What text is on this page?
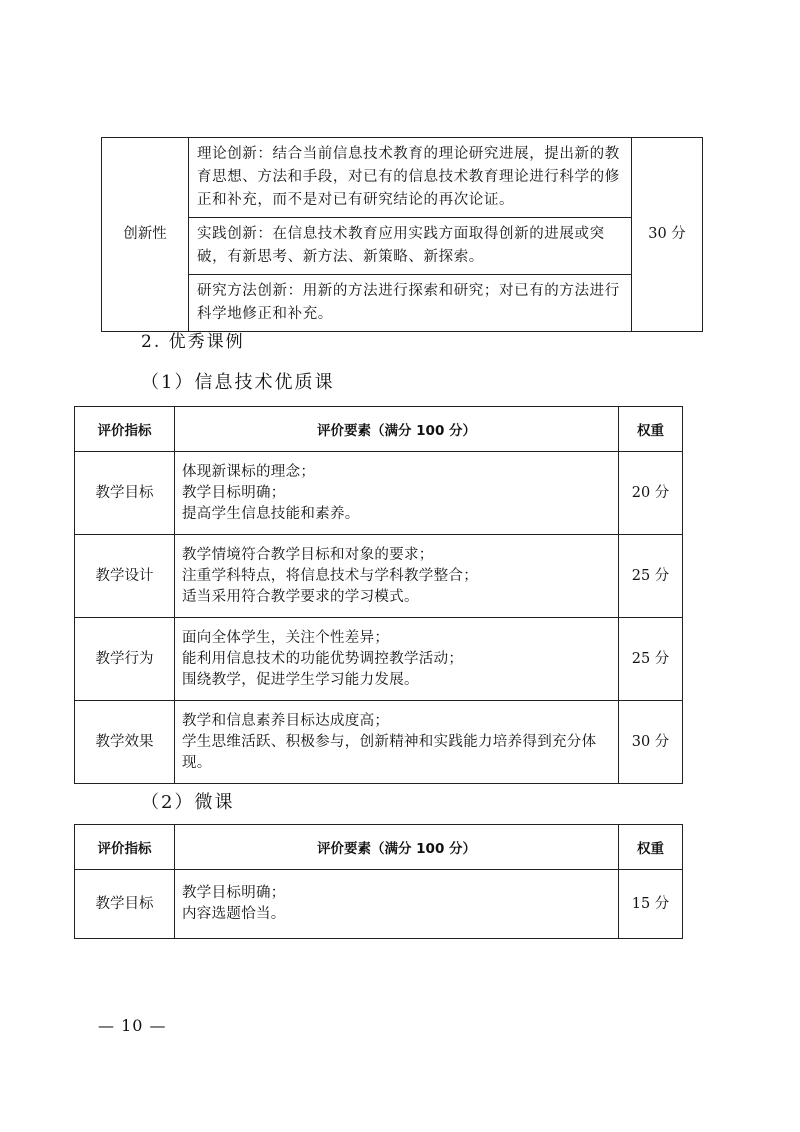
创新性	理论创新：结合当前信息技术教育的理论研究进展，提出新的教育思想、方法和手段，对已有的信息技术教育理论进行科学的修正和补充，而不是对已有研究结论的再次论证。	30 分
实践创新：在信息技术教育应用实践方面取得创新的进展或突破，有新思考、新方法、新策略、新探索。
研究方法创新：用新的方法进行探索和研究；对已有的方法进行科学地修正和补充。
2. 优秀课例
（1）信息技术优质课
评价指标	评价要素（满分 100 分）	权重
教学目标	体现新课标的理念；
教学目标明确；
提高学生信息技能和素养。	20 分
教学设计	教学情境符合教学目标和对象的要求；
注重学科特点，将信息技术与学科教学整合；
适当采用符合教学要求的学习模式。	25 分
教学行为	面向全体学生，关注个性差异；
能利用信息技术的功能优势调控教学活动；
围绕教学，促进学生学习能力发展。	25 分
教学效果	教学和信息素养目标达成度高；
学生思维活跃、积极参与，创新精神和实践能力培养得到充分体现。	30 分
（2）微课
评价指标	评价要素（满分 100 分）	权重
教学目标	教学目标明确；
内容选题恰当。	15 分
— 10 —
